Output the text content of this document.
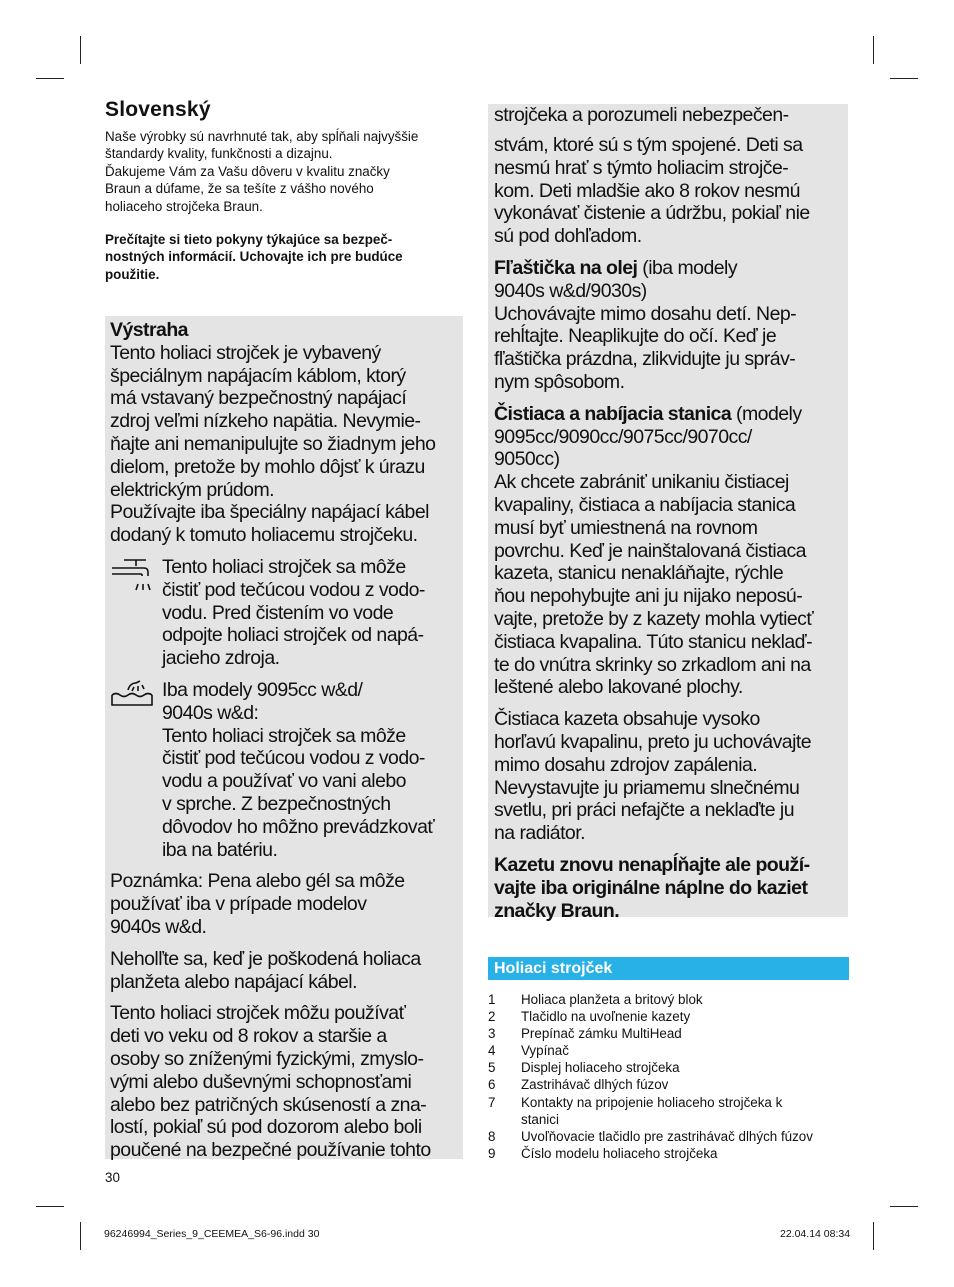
Slovenský

Naše výrobky sú navrhnuté tak, aby spĺňali najvyššie
štandardy kvality, funkčnosti a dizajnu.
Ďakujeme Vám za Vašu dôveru v kvalitu značky
Braun a dúfame, že sa tešíte z vášho nového
holiaceho strojčeka Braun.

Prečítajte si tieto pokyny týkajúce sa bezpeč-
nostných informácií. Uchovajte ich pre budúce
použitie.

Výstraha

Tento holiaci strojček je vybavený
špeciálnym napájacím káblom, ktorý
má vstavaný bezpečnostný napájací
zdroj veľmi nízkeho napätia. Nevymie-
ňajte ani nemanipulujte so žiadnym jeho
dielom, pretože by mohlo dôjsť k úrazu
elektrickým prúdom.
Používajte iba špeciálny napájací kábel
dodaný k tomuto holiacemu strojčeku.

Tento holiaci strojček sa môže
čistiť pod tečúcou vodou z vodo-
vodu. Pred čistením vo vode
odpojte holiaci strojček od napá-
jacieho zdroja.
Iba modely 9095cc w&d/
9040s w&d:
Tento holiaci strojček sa môže
čistiť pod tečúcou vodou z vodo-
vodu a používať vo vani alebo
v sprche. Z bezpečnostných
dôvodov ho môžno prevádzkovať
iba na batériu.

Poznámka: Pena alebo gél sa môže
používať iba v prípade modelov
9040s w&d.

Neholľte sa, keď je poškodená holiaca
planžeta alebo napájací kábel.

Tento holiaci strojček môžu používať
deti vo veku od 8 rokov a staršie a
osoby so zníženými fyzickými, zmyslo-
vými alebo duševnými schopnosťami
alebo bez patričných skúseností a zna-
lostí, pokiaľ sú pod dozorom alebo boli
poučené na bezpečné používanie tohto

strojčeka a porozumeli nebezpečen-

stvám, ktoré sú s tým spojené. Deti sa
nesmú hrať s týmto holiacim strojče-
kom. Deti mladšie ako 8 rokov nesmú
vykonávať čistenie a údržbu, pokiaľ nie
sú pod dohľadom.

Fľaštička na olej (iba modely
9040s w&d/9030s)
Uchovávajte mimo dosahu detí. Nep-
rehĺtajte. Neaplikujte do očí. Keď je
fľaštička prázdna, zlikvidujte ju správ-
nym spôsobom.

Čistiaca a nabíjacia stanica (modely
9095cc/9090cc/9075cc/9070cc/
9050cc)
Ak chcete zabrániť unikaniu čistiacej
kvapaliny, čistiaca a nabíjacia stanica
musí byť umiestnená na rovnom
povrchu. Keď je nainštalovaná čistiaca
kazeta, stanicu nenakláňajte, rýchle
ňou nepohybujte ani ju nijako neposú-
vajte, pretože by z kazety mohla vytiecť
čistiaca kvapalina. Túto stanicu neklaď-
te do vnútra skrinky so zrkadlom ani na
leštené alebo lakované plochy.

Čistiaca kazeta obsahuje vysoko
horľavú kvapalinu, preto ju uchovávajte
mimo dosahu zdrojov zapálenia.
Nevystavujte ju priamemu slnečnému
svetlu, pri práci nefajčte a neklaďte ju
na radiátor.

Kazetu znovu nenapĺňajte ale použí-
vajte iba originálne náplne do kaziet
značky Braun.

Holiaci strojček
1	Holiaca planžeta a britový blok
2	Tlačidlo na uvoľnenie kazety
3	Prepínač zámku MultiHead
4	Vypínač
5	Displej holiaceho strojčeka
6	Zastrihávač dlhých fúzov
7	Kontakty na pripojenie holiaceho strojčeka k
stanici
8	Uvoľňovacie tlačidlo pre zastrihávač dlhých fúzov
9	Číslo modelu holiaceho strojčeka
30
96246994_Series_9_CEEMEA_S6-96.indd 30	22.04.14 08:34
